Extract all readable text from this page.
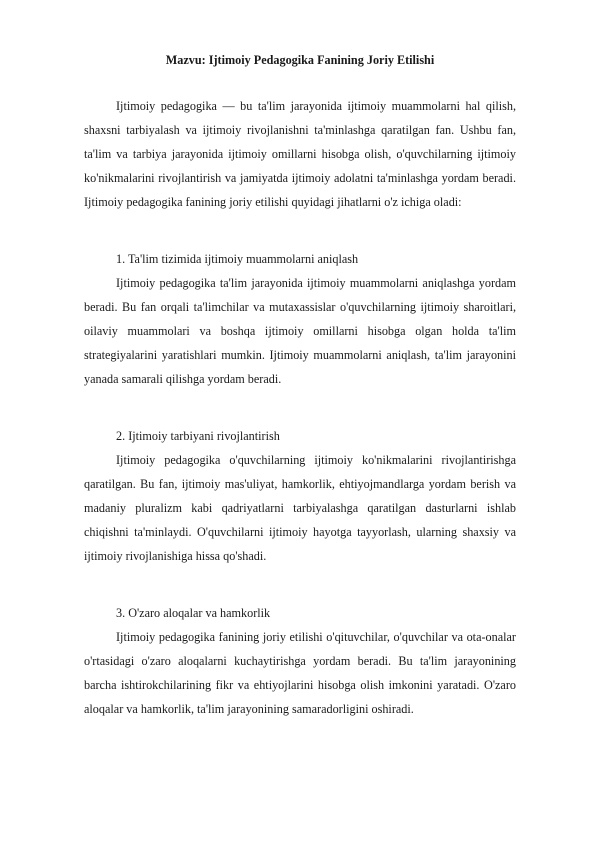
Mazvu: Ijtimoiy Pedagogika Fanining Joriy Etilishi

Ijtimoiy pedagogika — bu ta'lim jarayonida ijtimoiy muammolarni hal qilish, shaxsni tarbiyalash va ijtimoiy rivojlanishni ta'minlashga qaratilgan fan. Ushbu fan, ta'lim va tarbiya jarayonida ijtimoiy omillarni hisobga olish, o'quvchilarning ijtimoiy ko'nikmalarini rivojlantirish va jamiyatda ijtimoiy adolatni ta'minlashga yordam beradi. Ijtimoiy pedagogika fanining joriy etilishi quyidagi jihatlarni o'z ichiga oladi:

1. Ta'lim tizimida ijtimoiy muammolarni aniqlash

Ijtimoiy pedagogika ta'lim jarayonida ijtimoiy muammolarni aniqlashga yordam beradi. Bu fan orqali ta'limchilar va mutaxassislar o'quvchilarning ijtimoiy sharoitlari, oilaviy muammolari va boshqa ijtimoiy omillarni hisobga olgan holda ta'lim strategiyalarini yaratishlari mumkin. Ijtimoiy muammolarni aniqlash, ta'lim jarayonini yanada samarali qilishga yordam beradi.

2. Ijtimoiy tarbiyani rivojlantirish

Ijtimoiy pedagogika o'quvchilarning ijtimoiy ko'nikmalarini rivojlantirishga qaratilgan. Bu fan, ijtimoiy mas'uliyat, hamkorlik, ehtiyojmandlarga yordam berish va madaniy pluralizm kabi qadriyatlarni tarbiyalashga qaratilgan dasturlarni ishlab chiqishni ta'minlaydi. O'quvchilarni ijtimoiy hayotga tayyorlash, ularning shaxsiy va ijtimoiy rivojlanishiga hissa qo'shadi.

3. O'zaro aloqalar va hamkorlik

Ijtimoiy pedagogika fanining joriy etilishi o'qituvchilar, o'quvchilar va ota-onalar o'rtasidagi o'zaro aloqalarni kuchaytirishga yordam beradi. Bu ta'lim jarayonining barcha ishtirokchilarining fikr va ehtiyojlarini hisobga olish imkonini yaratadi. O'zaro aloqalar va hamkorlik, ta'lim jarayonining samaradorligini oshiradi.
